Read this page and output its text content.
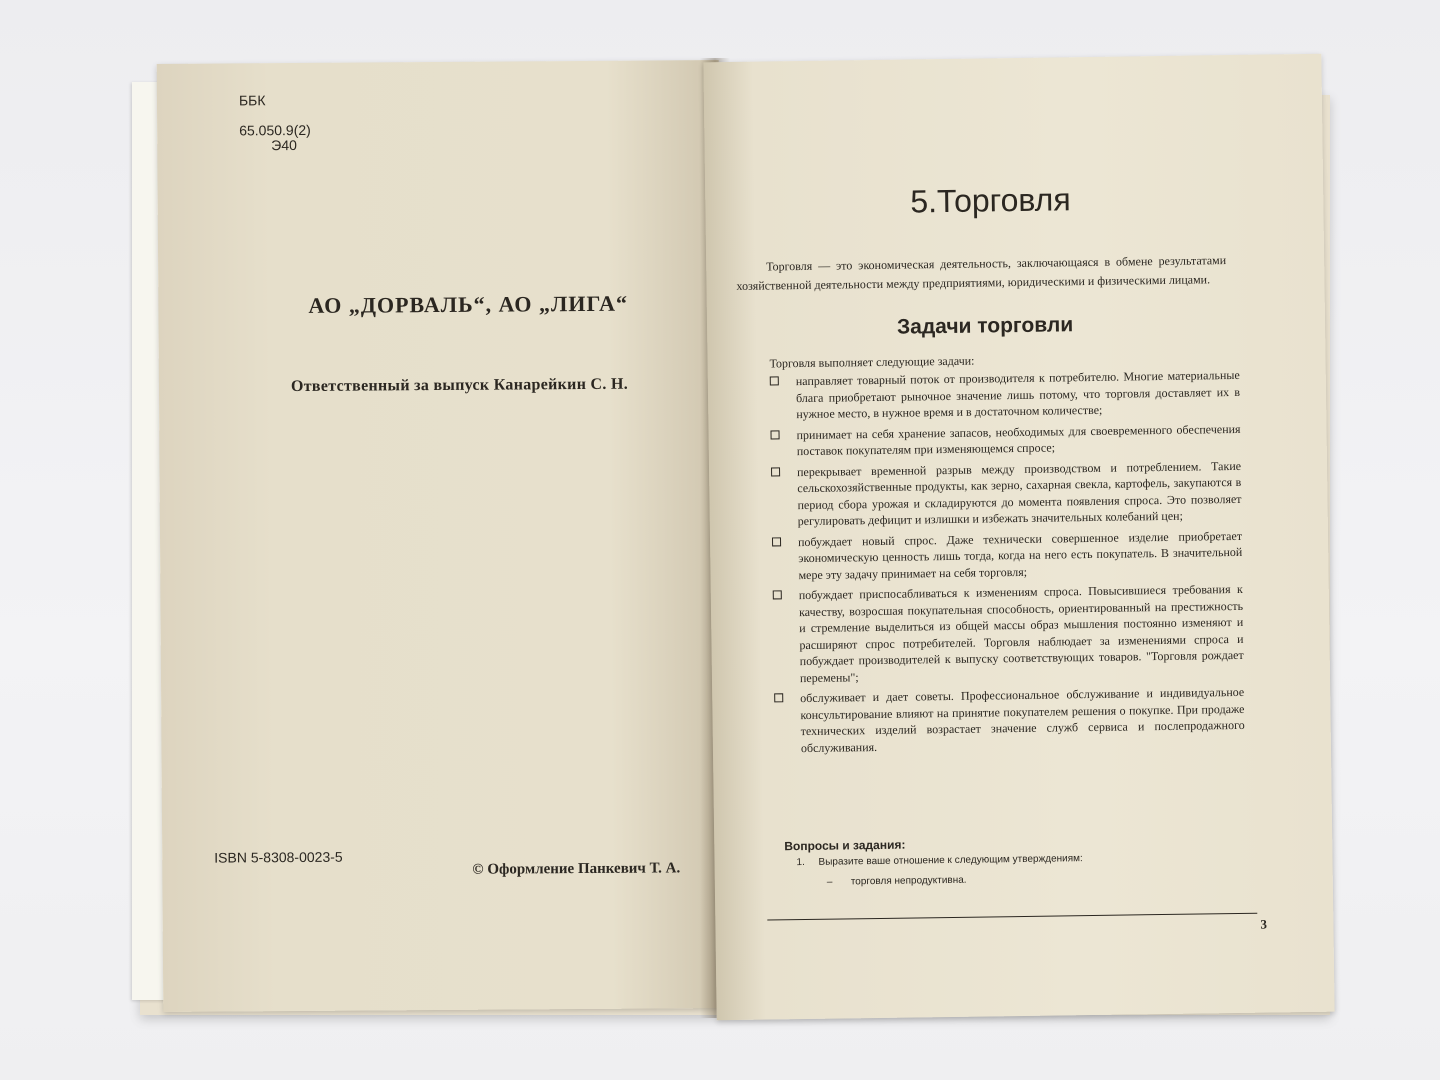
ББК

65.050.9(2)
Э40
АО „ДОРВАЛЬ“, АО „ЛИГА“
Ответственный за выпуск Канарейкин С. Н.
ISBN 5-8308-0023-5
© Оформление Панкевич Т. А.
5.Торговля
Торговля — это экономическая деятельность, заключающаяся в обмене результатами хозяйственной деятельности между предприятиями, юридическими и физическими лицами.
Задачи торговли
Торговля выполняет следующие задачи:
направляет товарный поток от производителя к потребителю. Многие материальные блага приобретают рыночное значение лишь потому, что торговля доставляет их в нужное место, в нужное время и в достаточном количестве;
принимает на себя хранение запасов, необходимых для своевременного обеспечения поставок покупателям при изменяющемся спросе;
перекрывает временной разрыв между производством и потреблением. Такие сельскохозяйственные продукты, как зерно, сахарная свекла, картофель, закупаются в период сбора урожая и складируются до момента появления спроса. Это позволяет регулировать дефицит и излишки и избежать значительных колебаний цен;
побуждает новый спрос. Даже технически совершенное изделие приобретает экономическую ценность лишь тогда, когда на него есть покупатель. В значительной мере эту задачу принимает на себя торговля;
побуждает приспосабливаться к изменениям спроса. Повысившиеся требования к качеству, возросшая покупательная способность, ориентированный на престижность и стремление выделиться из общей массы образ мышления постоянно изменяют и расширяют спрос потребителей. Торговля наблюдает за изменениями спроса и побуждает производителей к выпуску соответствующих товаров. "Торговля рождает перемены";
обслуживает и дает советы. Профессиональное обслуживание и индивидуальное консультирование влияют на принятие покупателем решения о покупке. При продаже технических изделий возрастает значение служб сервиса и послепродажного обслуживания.
Вопросы и задания:
1. Выразите ваше отношение к следующим утверждениям:
– торговля непродуктивна.
3
